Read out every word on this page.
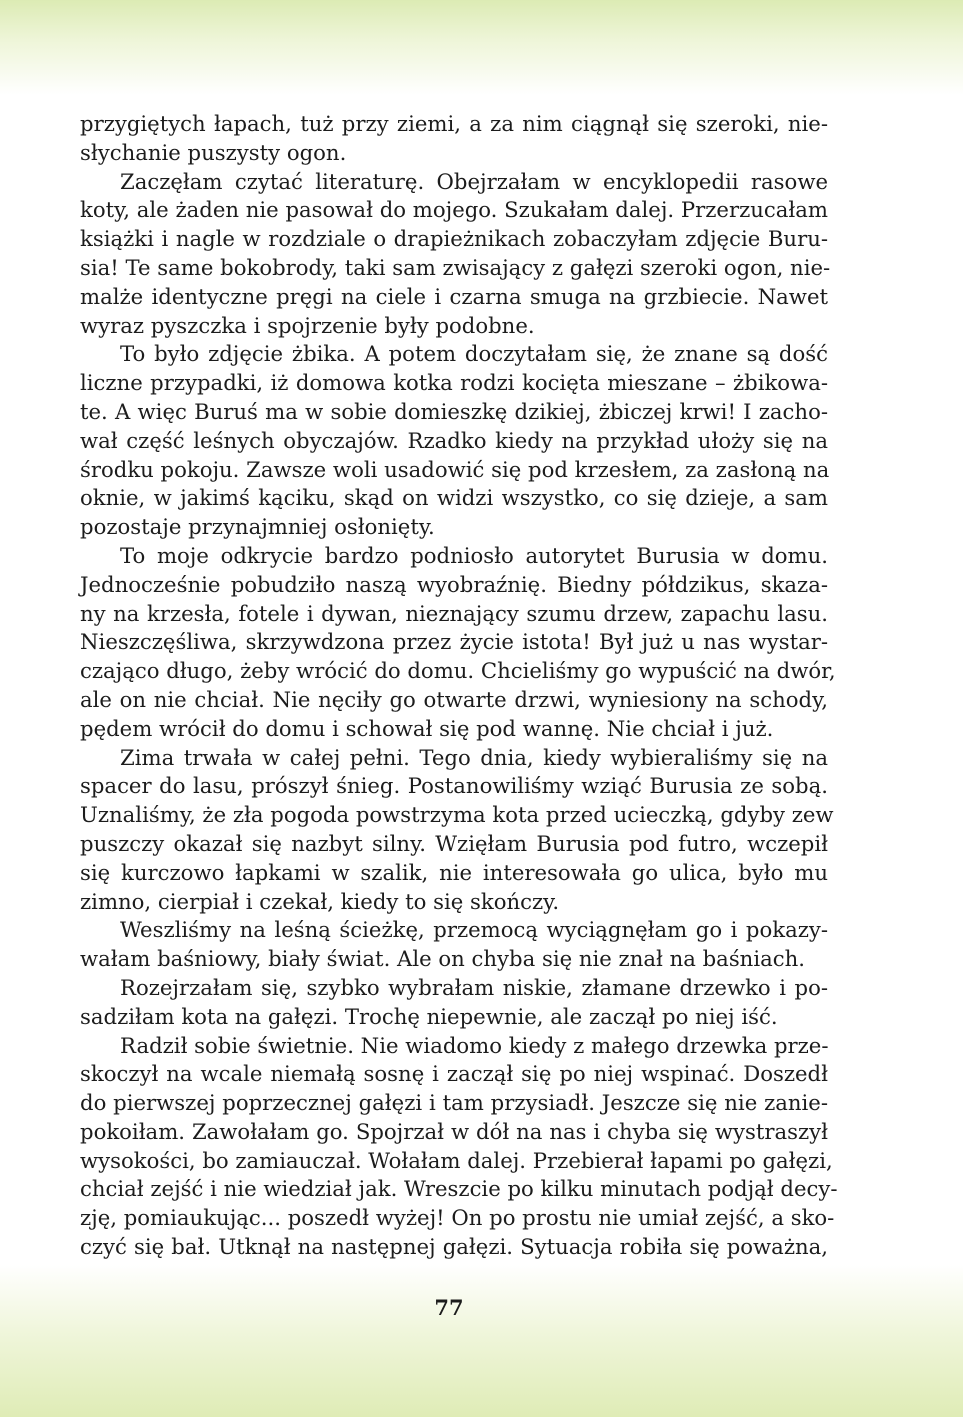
przygiętych łapach, tuż przy ziemi, a za nim ciągnął się szeroki, nie-
słychanie puszysty ogon.

Zaczęłam czytać literaturę. Obejrzałam w encyklopedii rasowe
koty, ale żaden nie pasował do mojego. Szukałam dalej. Przerzucałam
książki i nagle w rozdziale o drapieżnikach zobaczyłam zdjęcie Buru-
sia! Te same bokobrody, taki sam zwisający z gałęzi szeroki ogon, nie-
malże identyczne pręgi na ciele i czarna smuga na grzbiecie. Nawet
wyraz pyszczka i spojrzenie były podobne.

To było zdjęcie żbika. A potem doczytałam się, że znane są dość
liczne przypadki, iż domowa kotka rodzi kocięta mieszane – żbikowa-
te. A więc Buruś ma w sobie domieszkę dzikiej, żbiczej krwi! I zacho-
wał część leśnych obyczajów. Rzadko kiedy na przykład ułoży się na
środku pokoju. Zawsze woli usadowić się pod krzesłem, za zasłoną na
oknie, w jakimś kąciku, skąd on widzi wszystko, co się dzieje, a sam
pozostaje przynajmniej osłonięty.

To moje odkrycie bardzo podniosło autorytet Burusia w domu.
Jednocześnie pobudziło naszą wyobraźnię. Biedny półdzikus, skaza-
ny na krzesła, fotele i dywan, nieznający szumu drzew, zapachu lasu.
Nieszczęśliwa, skrzywdzona przez życie istota! Był już u nas wystar-
czająco długo, żeby wrócić do domu. Chcieliśmy go wypuścić na dwór,
ale on nie chciał. Nie nęciły go otwarte drzwi, wyniesiony na schody,
pędem wrócił do domu i schował się pod wannę. Nie chciał i już.

Zima trwała w całej pełni. Tego dnia, kiedy wybieraliśmy się na
spacer do lasu, prószył śnieg. Postanowiliśmy wziąć Burusia ze sobą.
Uznaliśmy, że zła pogoda powstrzyma kota przed ucieczką, gdyby zew
puszczy okazał się nazbyt silny. Wzięłam Burusia pod futro, wczepił
się kurczowo łapkami w szalik, nie interesowała go ulica, było mu
zimno, cierpiał i czekał, kiedy to się skończy.

Weszliśmy na leśną ścieżkę, przemocą wyciągnęłam go i pokazy-
wałam baśniowy, biały świat. Ale on chyba się nie znał na baśniach.

Rozejrzałam się, szybko wybrałam niskie, złamane drzewko i po-
sadziłam kota na gałęzi. Trochę niepewnie, ale zaczął po niej iść.

Radził sobie świetnie. Nie wiadomo kiedy z małego drzewka prze-
skoczył na wcale niemałą sosnę i zaczął się po niej wspinać. Doszedł
do pierwszej poprzecznej gałęzi i tam przysiadł. Jeszcze się nie zanie-
pokoiłam. Zawołałam go. Spojrzał w dół na nas i chyba się wystraszył
wysokości, bo zamiauczał. Wołałam dalej. Przebierał łapami po gałęzi,
chciał zejść i nie wiedział jak. Wreszcie po kilku minutach podjął decy-
zję, pomiaukując... poszedł wyżej! On po prostu nie umiał zejść, a sko-
czyć się bał. Utknął na następnej gałęzi. Sytuacja robiła się poważna,

77
